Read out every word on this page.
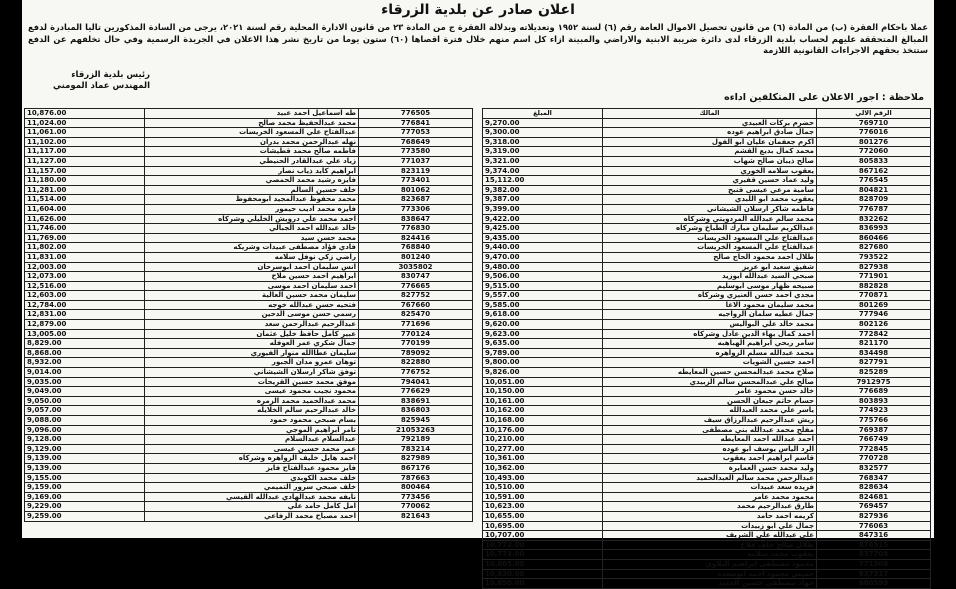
اعلان صادر عن بلدية الزرقاء
عملا باحكام الفقرة (ب) من المادة (٦) من قانون تحصيل الاموال العامة رقم (٦) لسنة ١٩٥٢ وتعديلاته وبدلالة الفقرة ج من المادة ٢٣ من قانون الادارة المحلية رقم لسنة ٢٠٢١، يرجى من السادة المذكورين تاليا المبادرة لدفع المبالغ المتحققة عليهم لحساب بلدية الزرقاء لدى دائرة ضريبة الابنية والاراضي والمبينة ازاء كل اسم منهم خلال فترة اقصاها (٦٠) ستون يوما من تاريخ نشر هذا الاعلان في الجريدة الرسمية وفي حال تخلفهم عن الدفع ستتخذ بحقهم الاجراءات القانونية اللازمة
رئيس بلدية الزرقاء
المهندس عماد المومني
ملاحظة : اجور الاعلان على المتكلفين اداءه
10,876.00	طه اسماعيل احمد عبيد	776505
11,024.00	محمد عبدالحفيظ محمد صالح	776841
11,061.00	عبدالفتاح علي المسعود الخريسات	777053
11,102.00	نهله عبدالرحمن محمد بدران	768649
11,117.00	فاطمه صالح محمد قطيشات	773580
11,127.00	زياد علي عبدالقادر الحنيطي	771037
11,157.00	ابراهيم كايد ذياب نصار	823119
11,180.00	فايزه رشيد محمد الحمصي	773401
11,281.00	خلف حسين السالم	801062
11,514.00	محمد محفوظ عبدالمجيد ابومحفوظ	823687
11,604.00	فايزه محمد اديب حيمور	773306
11,626.00	احمد محمد علي درويش الخليلي وشركاه	838647
11,746.00	خالد عبدالله احمد الجبالي	776830
11,769.00	محمد حسن سيد	824416
11,802.00	فادي فؤاد مصطفى عبيدات وشريكه	768840
11,831.00	راضي زكي نوفل سلامه	801240
12,003.00	انس سليمان احمد ابوسرحان	3035802
12,073.00	ابراهيم احمد حسين ملاح	830747
12,516.00	احمد سليمان احمد موسى	776665
12,603.00	سليمان محمد حسين العالية	827752
12,784.00	فتحيه حسن عبدالله خوجه	767660
12,831.00	رسمي حسن موسى الدحين	825470
12,879.00	عبدالرحيم عبدالرحمن سعد	771696
13,005.00	عبير كامل حافظ خليل عثمان	770124
8,829.00	جمال شكري عمر العوفله	770199
8,868.00	سليمان عطاالله منوار الفيوري	789092
8,932.00	توهان عمرو مدان الجبور	822880
9,014.00	توفق شاكر ارسلان الشيشاني	776752
9,035.00	موفق محمد حسين القريحات	794041
9,049.00	محمود نجيب محمود عيسى	776629
9,050.00	محمد عبدالحميد محمد الزمره	838691
9,057.00	خالد عبدالرحيم سالم الخلايله	836803
9,088.00	بسام صبحي محمود حمود	825945
9,096.00	تامر ابراهيم الموجي	21053263
9,128.00	عبدالسلام عبدالسلام	792189
9,129.00	عمر محمد حسين عيسى	783214
9,139.00	احمد هايل خليف الزواهره وشركاه	827989
9,139.00	فايز محمود عبدالفتاح فايز	867176
9,155.00	خلف محمد الكويدي	787663
9,159.00	خلف صبحي سرور التميمي	800464
9,169.00	نايفه محمد عبدالهادي عبدالله القيسي	773456
9,229.00	امل كامل حامد علي	770062
9,259.00	احمد مصباح محمد الرفاعي	821643
المبلغ	المالك	الرقم الالي
9,270.00	حضرم بركات العبيدي	769710
9,300.00	جمال صادق ابراهيم عوده	776016
9,318.00	اكرم جعفمان عليان ابو الفول	801276
9,319.00	محمد كمال بديع القشم	772060
9,321.00	صالح ذيبان صالح شهاب	805833
9,374.00	يعقوب سلامه الخوري	867162
15,112.00	وليد عماد حسين قفيري	776545
9,382.00	سامية مرعي عيسى قنبح	804821
9,387.00	يعقوب محمد ابو اللبدي	828709
9,399.00	فاطمه شاكر ارسلان الشيشاني	776787
9,422.00	محمد سالم عبدالله المردويتي وشركاه	832262
9,425.00	عبدالكريم سليمان مبارك الطباخ وشركاه	836993
9,435.00	عبدالفتاح علي المسعود الخريسات	860466
9,440.00	عبدالفتاح علي المسعود الخريسات	827680
9,470.00	طلال احمد محمود الحاج صالح	793522
9,480.00	شفيق سعيد ابو عزيز	827938
9,506.00	صبحي السيد عبدالله ابوزيد	771901
9,515.00	صبيحه ظهار موسى ابوسليم	882828
9,557.00	مجدي احمد حسن العنيزي وشركاه	770871
9,585.00	محمد سليمان محمود الاغا	801269
9,618.00	جمال عطيه سلمان الرواجيه	777946
9,620.00	محمد خالد علي البواليس	802126
9,623.00	احمد كمال بهاء الدين عادل وشركاه	772842
9,635.00	سامر ربحي ابراهيم الهباهبه	821170
9,789.00	محمد عبدالله مسلم الزواهره	834498
9,800.00	احمد حسين الشويات	827791
9,826.00	صلاح محمد عبدالمحسن حسين المعايطه	825289
10,051.00	صالح علي عبدالمحسن سالم الزبيدي	7912975
10,150.00	خالد حسن محمود عامر	776689
10,161.00	حسام حاتم جبعان الحسن	803893
10,162.00	ياسر علي محمد العبدالله	774923
10,168.00	ريش عبدالرحيم عبدالرزاق سيف	775766
10,176.00	مفلح محمد عبدالله بني مصطفى	769387
10,210.00	احمد عبدالله احمد المعايطه	766749
10,277.00	الرد الياس يوسف ابو عوده	772845
10,361.00	قاسم ابراهيم احمد يعقوب	770728
10,362.00	وليد محمد حسن العمايرة	832577
10,493.00	عبدالرحمن محمد سالم العبدالحميد	768347
10,510.00	فريده سعد عبيدات	828634
10,591.00	محمود محمد عامر	824681
10,623.00	طارق عبدالرحيم محمد	769457
10,655.00	كريمه احمد حامد	827936
10,695.00	جمال علي ابو زبيدات	776063
10,707.00	علي عبدالله علي الشريف	847316
10,772.00	طلال صالح خلف فلاح	876515
10,773.00	يعقوب محمد سلامه	837708
10,805.00	محمود مصطفى ابراهيم التلاوي	771308
10,830.00	خميس محمود احمد ابوسعده	837317
10,850.00	جهاد مصطفى حسين الحديد	680599
